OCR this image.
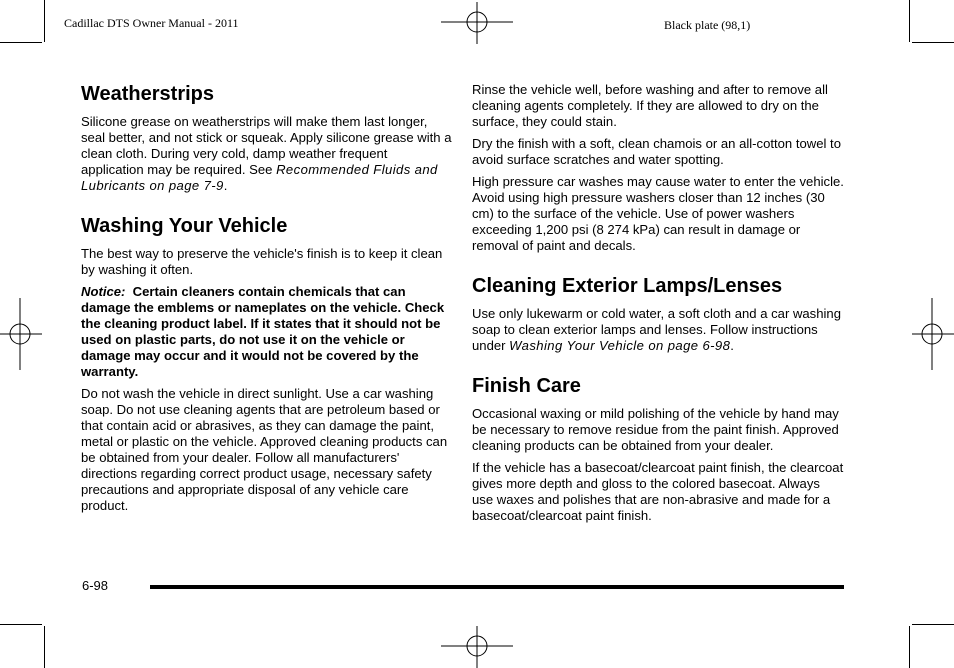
Cadillac DTS Owner Manual - 2011	Black plate (98,1)
Weatherstrips

Silicone grease on weatherstrips will make them last longer, seal better, and not stick or squeak. Apply silicone grease with a clean cloth. During very cold, damp weather frequent application may be required. See Recommended Fluids and Lubricants on page 7-9.

Washing Your Vehicle

The best way to preserve the vehicle's finish is to keep it clean by washing it often.

Notice: Certain cleaners contain chemicals that can damage the emblems or nameplates on the vehicle. Check the cleaning product label. If it states that it should not be used on plastic parts, do not use it on the vehicle or damage may occur and it would not be covered by the warranty.

Do not wash the vehicle in direct sunlight. Use a car washing soap. Do not use cleaning agents that are petroleum based or that contain acid or abrasives, as they can damage the paint, metal or plastic on the vehicle. Approved cleaning products can be obtained from your dealer. Follow all manufacturers' directions regarding correct product usage, necessary safety precautions and appropriate disposal of any vehicle care product.

Rinse the vehicle well, before washing and after to remove all cleaning agents completely. If they are allowed to dry on the surface, they could stain.

Dry the finish with a soft, clean chamois or an all-cotton towel to avoid surface scratches and water spotting.

High pressure car washes may cause water to enter the vehicle. Avoid using high pressure washers closer than 12 inches (30 cm) to the surface of the vehicle. Use of power washers exceeding 1,200 psi (8 274 kPa) can result in damage or removal of paint and decals.

Cleaning Exterior Lamps/Lenses

Use only lukewarm or cold water, a soft cloth and a car washing soap to clean exterior lamps and lenses. Follow instructions under Washing Your Vehicle on page 6-98.

Finish Care

Occasional waxing or mild polishing of the vehicle by hand may be necessary to remove residue from the paint finish. Approved cleaning products can be obtained from your dealer.

If the vehicle has a basecoat/clearcoat paint finish, the clearcoat gives more depth and gloss to the colored basecoat. Always use waxes and polishes that are non-abrasive and made for a basecoat/clearcoat paint finish.

6-98
